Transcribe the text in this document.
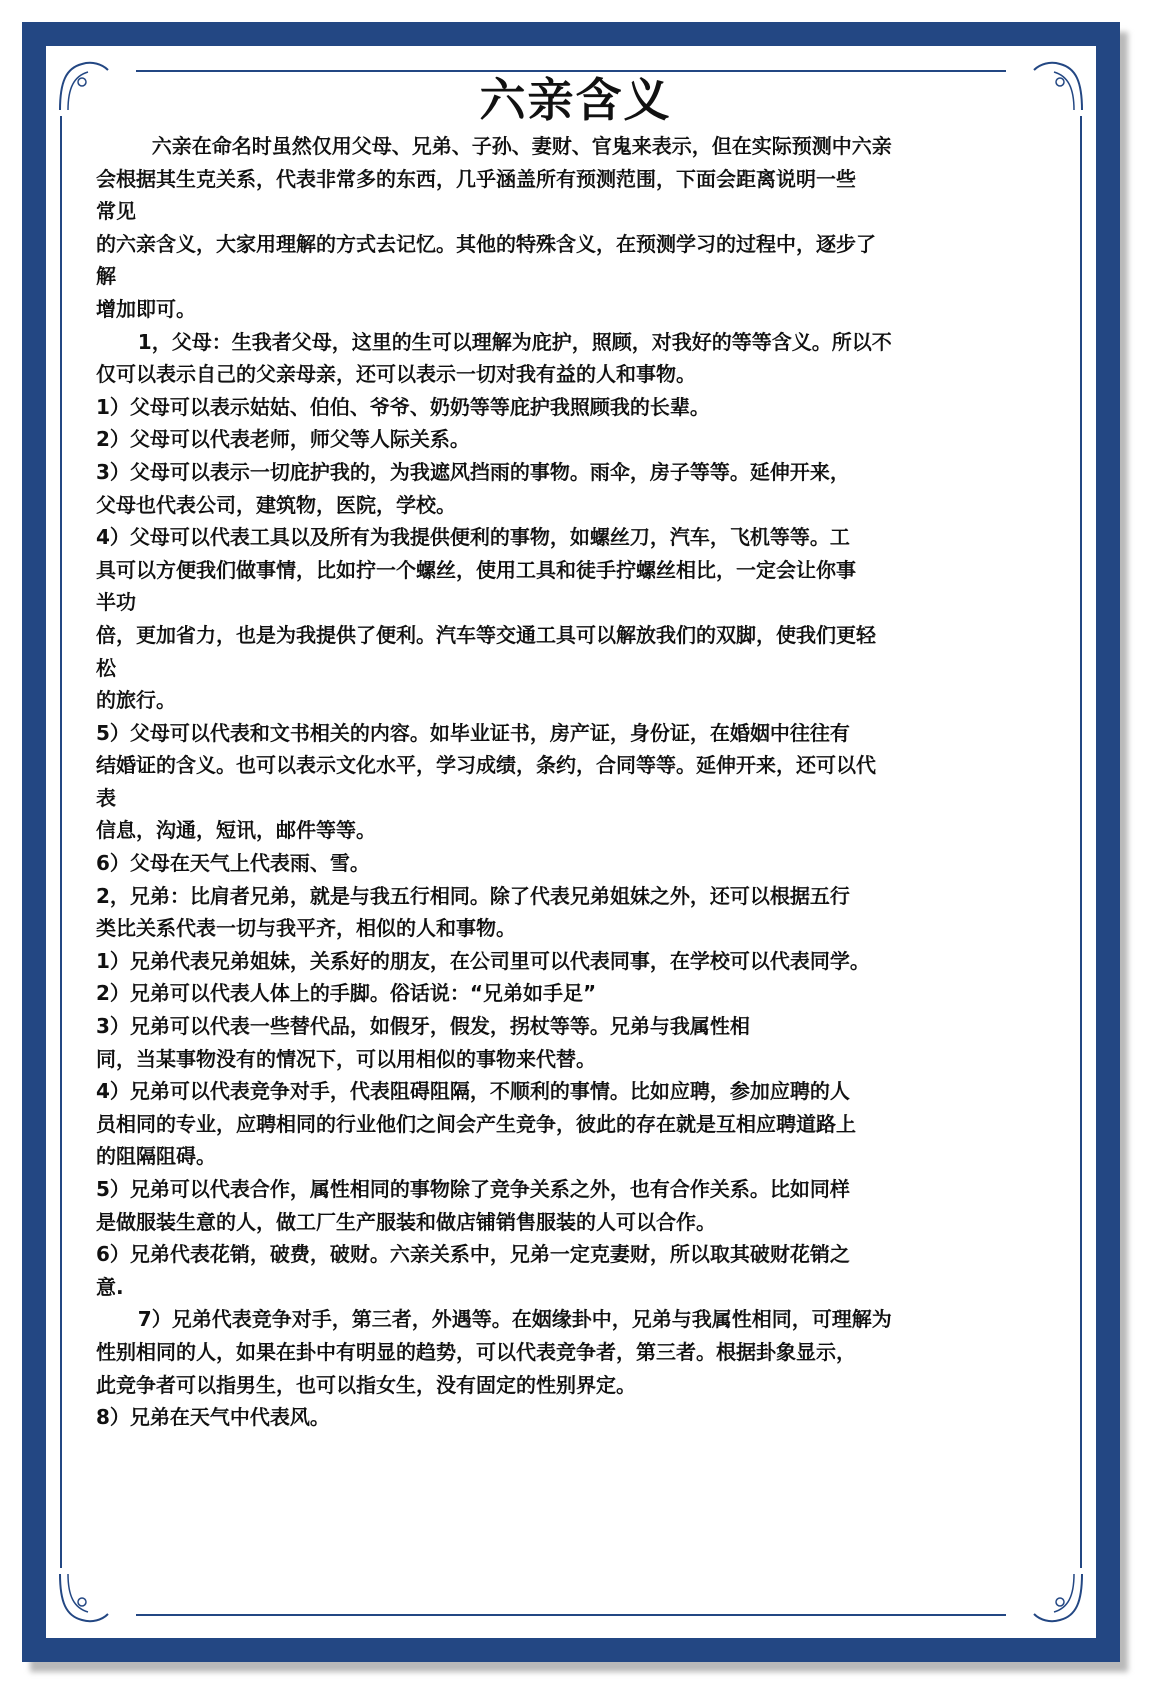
六亲含义

六亲在命名时虽然仅用父母、兄弟、子孙、妻财、官鬼来表示，但在实际预测中六亲

会根据其生克关系，代表非常多的东西，几乎涵盖所有预测范围，下面会距离说明一些

常见

的六亲含义，大家用理解的方式去记忆。其他的特殊含义，在预测学习的过程中，逐步了

解

增加即可。

1，父母：生我者父母，这里的生可以理解为庇护，照顾，对我好的等等含义。所以不

仅可以表示自己的父亲母亲，还可以表示一切对我有益的人和事物。

1）父母可以表示姑姑、伯伯、爷爷、奶奶等等庇护我照顾我的长辈。

2）父母可以代表老师，师父等人际关系。

3）父母可以表示一切庇护我的，为我遮风挡雨的事物。雨伞，房子等等。延伸开来，

父母也代表公司，建筑物，医院，学校。

4）父母可以代表工具以及所有为我提供便利的事物，如螺丝刀，汽车，飞机等等。工

具可以方便我们做事情，比如拧一个螺丝，使用工具和徒手拧螺丝相比，一定会让你事

半功

倍，更加省力，也是为我提供了便利。汽车等交通工具可以解放我们的双脚，使我们更轻

松

的旅行。

5）父母可以代表和文书相关的内容。如毕业证书，房产证，身份证，在婚姻中往往有

结婚证的含义。也可以表示文化水平，学习成绩，条约，合同等等。延伸开来，还可以代

表

信息，沟通，短讯，邮件等等。

6）父母在天气上代表雨、雪。

2，兄弟：比肩者兄弟，就是与我五行相同。除了代表兄弟姐妹之外，还可以根据五行

类比关系代表一切与我平齐，相似的人和事物。

1）兄弟代表兄弟姐妹，关系好的朋友，在公司里可以代表同事，在学校可以代表同学。

2）兄弟可以代表人体上的手脚。俗话说：“兄弟如手足”

3）兄弟可以代表一些替代品，如假牙，假发，拐杖等等。兄弟与我属性相

同，当某事物没有的情况下，可以用相似的事物来代替。

4）兄弟可以代表竞争对手，代表阻碍阻隔，不顺利的事情。比如应聘，参加应聘的人

员相同的专业，应聘相同的行业他们之间会产生竞争，彼此的存在就是互相应聘道路上

的阻隔阻碍。

5）兄弟可以代表合作，属性相同的事物除了竞争关系之外，也有合作关系。比如同样

是做服装生意的人，做工厂生产服装和做店铺销售服装的人可以合作。

6）兄弟代表花销，破费，破财。六亲关系中，兄弟一定克妻财，所以取其破财花销之

意.

7）兄弟代表竞争对手，第三者，外遇等。在姻缘卦中，兄弟与我属性相同，可理解为

性别相同的人，如果在卦中有明显的趋势，可以代表竞争者，第三者。根据卦象显示，

此竞争者可以指男生，也可以指女生，没有固定的性别界定。

8）兄弟在天气中代表风。
